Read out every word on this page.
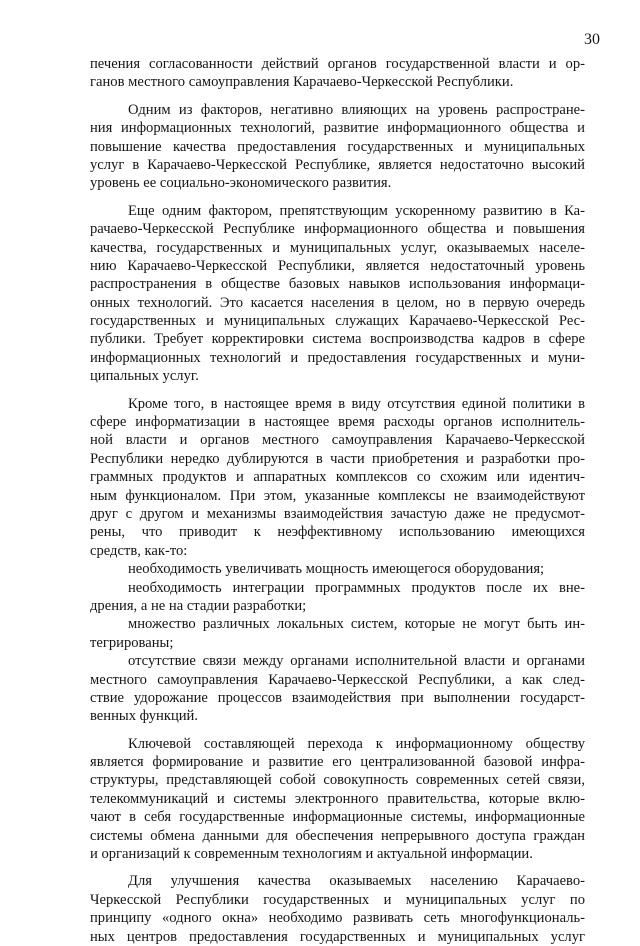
30
печения согласованности действий органов государственной власти и ор-
ганов местного самоуправления Карачаево-Черкесской Республики.
Одним из факторов, негативно влияющих на уровень распростране-
ния информационных технологий, развитие информационного общества и
повышение качества предоставления государственных и муниципальных
услуг в Карачаево-Черкесской Республике, является недостаточно высокий
уровень ее социально-экономического развития.
Еще одним фактором, препятствующим ускоренному развитию в Ка-
рачаево-Черкесской Республике информационного общества и повышения
качества, государственных и муниципальных услуг, оказываемых населе-
нию Карачаево-Черкесской Республики, является недостаточный уровень
распространения в обществе базовых навыков использования информаци-
онных технологий. Это касается населения в целом, но в первую очередь
государственных и муниципальных служащих Карачаево-Черкесской Рес-
публики. Требует корректировки система воспроизводства кадров в сфере
информационных технологий и предоставления государственных и муни-
ципальных услуг.
Кроме того, в настоящее время в виду отсутствия единой политики в
сфере информатизации в настоящее время расходы органов исполнитель-
ной власти и органов местного самоуправления Карачаево-Черкесской
Республики нередко дублируются в части приобретения и разработки про-
граммных продуктов и аппаратных комплексов со схожим или идентич-
ным функционалом. При этом, указанные комплексы не взаимодействуют
друг с другом и механизмы взаимодействия зачастую даже не предусмот-
рены, что приводит к неэффективному использованию имеющихся
средств, как-то:
необходимость увеличивать мощность имеющегося оборудования;
необходимость интеграции программных продуктов после их вне-
дрения, а не на стадии разработки;
множество различных локальных систем, которые не могут быть ин-
тегрированы;
отсутствие связи между органами исполнительной власти и органами
местного самоуправления Карачаево-Черкесской Республики, а как след-
ствие удорожание процессов взаимодействия при выполнении государст-
венных функций.
Ключевой составляющей перехода к информационному обществу
является формирование и развитие его централизованной базовой инфра-
структуры, представляющей собой совокупность современных сетей связи,
телекоммуникаций и системы электронного правительства, которые вклю-
чают в себя государственные информационные системы, информационные
системы обмена данными для обеспечения непрерывного доступа граждан
и организаций к современным технологиям и актуальной информации.
Для улучшения качества оказываемых населению Карачаево-
Черкесской Республики государственных и муниципальных услуг по
принципу «одного окна» необходимо развивать сеть многофункциональ-
ных центров предоставления государственных и муниципальных услуг
